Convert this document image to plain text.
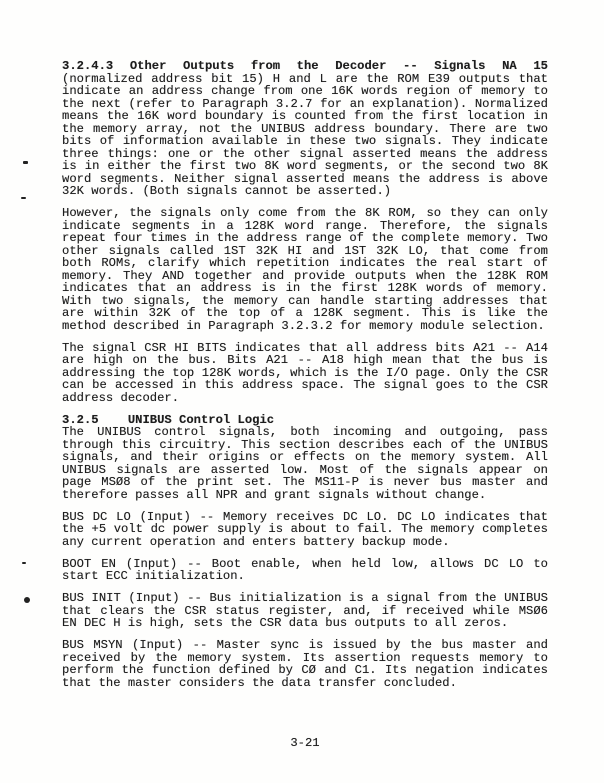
3.2.4.3 Other Outputs from the Decoder -- Signals NA 15
(normalized address bit 15) H and L are the ROM E39 outputs that
indicate an address change from one 16K words region of memory to
the next (refer to Paragraph 3.2.7 for an explanation). Normalized
means the 16K word boundary is counted from the first location in
the memory array, not the UNIBUS address boundary. There are two
bits of information available in these two signals. They indicate
three things: one or the other signal asserted means the address
is in either the first two 8K word segments, or the second two 8K
word segments. Neither signal asserted means the address is above
32K words. (Both signals cannot be asserted.)
However, the signals only come from the 8K ROM, so they can only
indicate segments in a 128K word range. Therefore, the signals
repeat four times in the address range of the complete memory. Two
other signals called 1ST 32K HI and 1ST 32K LO, that come from
both ROMs, clarify which repetition indicates the real start of
memory. They AND together and provide outputs when the 128K ROM
indicates that an address is in the first 128K words of memory.
With two signals, the memory can handle starting addresses that
are within 32K of the top of a 128K segment. This is like the
method described in Paragraph 3.2.3.2 for memory module selection.
The signal CSR HI BITS indicates that all address bits A21 -- A14
are high on the bus. Bits A21 -- A18 high mean that the bus is
addressing the top 128K words, which is the I/O page. Only the CSR
can be accessed in this address space. The signal goes to the CSR
address decoder.
3.2.5    UNIBUS Control Logic
The UNIBUS control signals, both incoming and outgoing, pass
through this circuitry. This section describes each of the UNIBUS
signals, and their origins or effects on the memory system. All
UNIBUS signals are asserted low. Most of the signals appear on
page MSØ8 of the print set. The MS11-P is never bus master and
therefore passes all NPR and grant signals without change.
BUS DC LO (Input) -- Memory receives DC LO. DC LO indicates that
the +5 volt dc power supply is about to fail. The memory completes
any current operation and enters battery backup mode.
BOOT EN (Input) -- Boot enable, when held low, allows DC LO to
start ECC initialization.
BUS INIT (Input) -- Bus initialization is a signal from the UNIBUS
that clears the CSR status register, and, if received while MSØ6
EN DEC H is high, sets the CSR data bus outputs to all zeros.
BUS MSYN (Input) -- Master sync is issued by the bus master and
received by the memory system. Its assertion requests memory to
perform the function defined by CØ and C1. Its negation indicates
that the master considers the data transfer concluded.
3-21
